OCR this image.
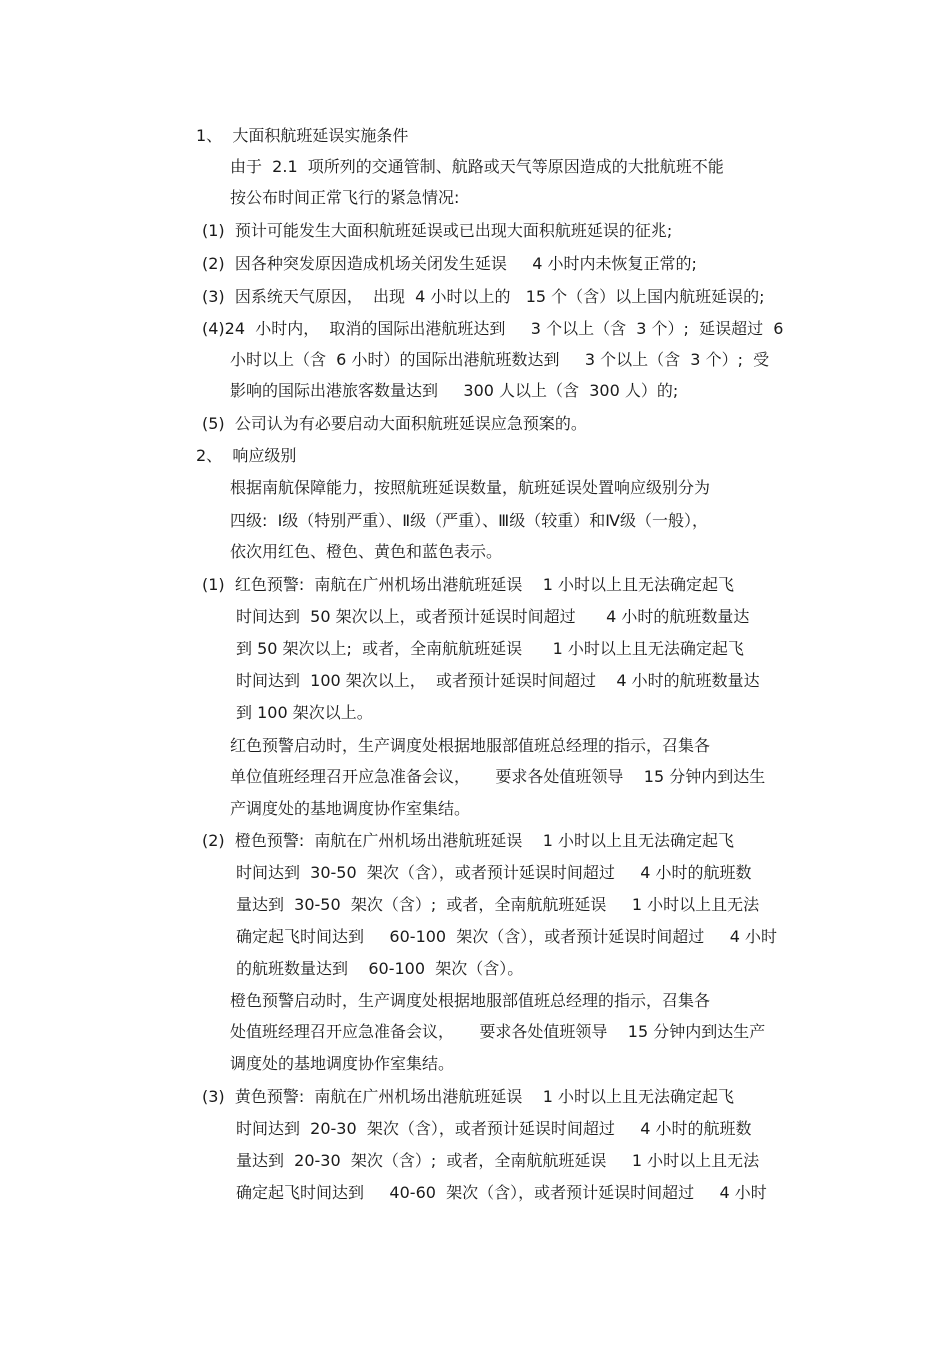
1、  大面积航班延误实施条件
由于  2.1  项所列的交通管制、航路或天气等原因造成的大批航班不能
按公布时间正常飞行的紧急情况:
(1)  预计可能发生大面积航班延误或已出现大面积航班延误的征兆;
(2)  因各种突发原因造成机场关闭发生延误     4 小时内未恢复正常的;
(3)  因系统天气原因，  出现  4 小时以上的   15 个（含）以上国内航班延误的;
(4)24  小时内，  取消的国际出港航班达到     3 个以上（含  3 个）;  延误超过  6
小时以上（含  6 小时）的国际出港航班数达到     3 个以上（含  3 个）;  受
影响的国际出港旅客数量达到     300 人以上（含  300 人）的;
(5)  公司认为有必要启动大面积航班延误应急预案的。
2、  响应级别
根据南航保障能力，按照航班延误数量，航班延误处置响应级别分为
四级:  Ⅰ级（特别严重）、Ⅱ级（严重）、Ⅲ级（较重）和Ⅳ级（一般），
依次用红色、橙色、黄色和蓝色表示。
(1)  红色预警:  南航在广州机场出港航班延误    1 小时以上且无法确定起飞
时间达到  50 架次以上，或者预计延误时间超过      4 小时的航班数量达
到 50 架次以上;  或者，全南航航班延误      1 小时以上且无法确定起飞
时间达到  100 架次以上，  或者预计延误时间超过    4 小时的航班数量达
到 100 架次以上。
红色预警启动时，生产调度处根据地服部值班总经理的指示，召集各
单位值班经理召开应急准备会议，     要求各处值班领导    15 分钟内到达生
产调度处的基地调度协作室集结。
(2)  橙色预警:  南航在广州机场出港航班延误    1 小时以上且无法确定起飞
时间达到  30-50  架次（含），或者预计延误时间超过     4 小时的航班数
量达到  30-50  架次（含）;  或者，全南航航班延误     1 小时以上且无法
确定起飞时间达到     60-100  架次（含），或者预计延误时间超过     4 小时
的航班数量达到    60-100  架次（含）。
橙色预警启动时，生产调度处根据地服部值班总经理的指示，召集各
处值班经理召开应急准备会议，     要求各处值班领导    15 分钟内到达生产
调度处的基地调度协作室集结。
(3)  黄色预警:  南航在广州机场出港航班延误    1 小时以上且无法确定起飞
时间达到  20-30  架次（含），或者预计延误时间超过     4 小时的航班数
量达到  20-30  架次（含）;  或者，全南航航班延误     1 小时以上且无法
确定起飞时间达到     40-60  架次（含），或者预计延误时间超过     4 小时
